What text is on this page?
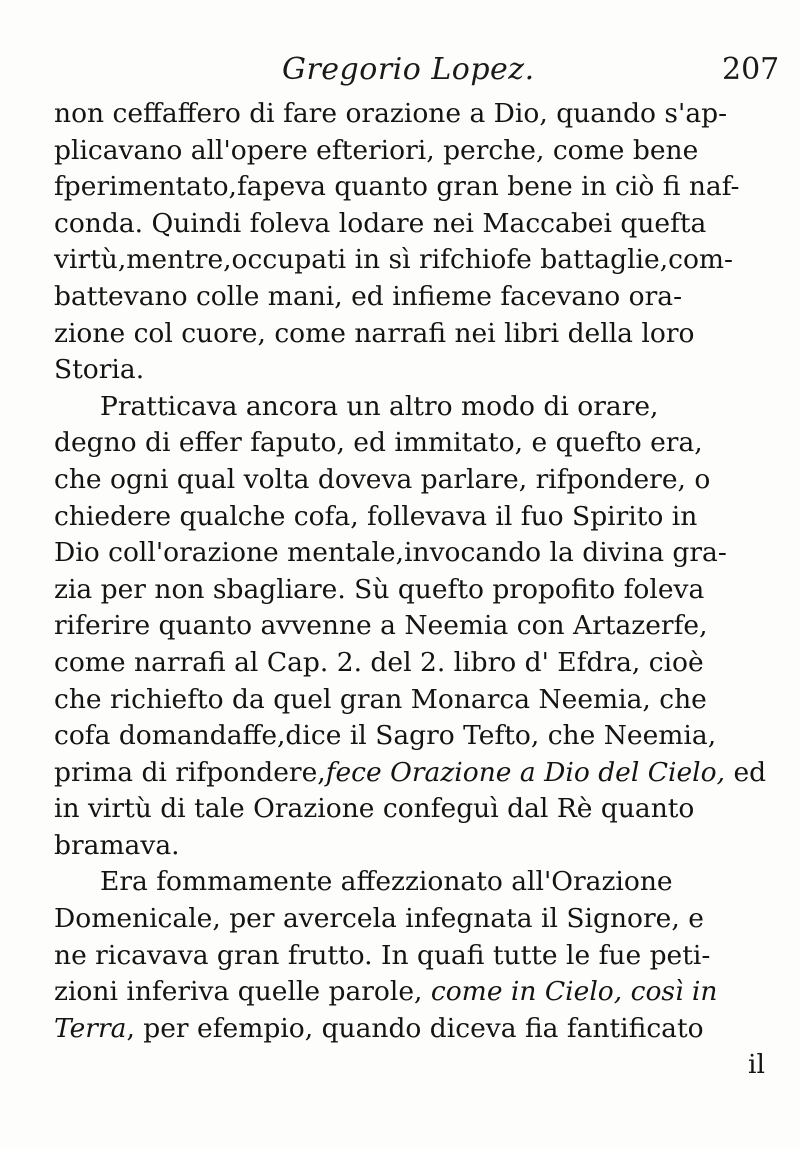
Gregorio Lopez.	207
non ceffaffero di fare orazione a Dio, quando s'ap-
plicavano all'opere efteriori, perche, come bene
fperimentato,fapeva quanto gran bene in ciò fi naf-
conda. Quindi foleva lodare nei Maccabei quefta
virtù,mentre,occupati in sì rifchiofe battaglie,com-
battevano colle mani, ed infieme facevano ora-
zione col cuore, come narrafi nei libri della loro
Storia.
Pratticava ancora un altro modo di orare,
degno di effer faputo, ed immitato, e quefto era,
che ogni qual volta doveva parlare, rifpondere, o
chiedere qualche cofa, follevava il fuo Spirito in
Dio coll'orazione mentale,invocando la divina gra-
zia per non sbagliare. Sù quefto propofito foleva
riferire quanto avvenne a Neemia con Artazerfe,
come narrafi al Cap. 2. del 2. libro d' Efdra, cioè
che richiefto da quel gran Monarca Neemia, che
cofa domandaffe,dice il Sagro Tefto, che Neemia,
prima di rifpondere,fece Orazione a Dio del Cielo, ed
in virtù di tale Orazione confeguì dal Rè quanto
bramava.
Era fommamente affezzionato all'Orazione
Domenicale, per avercela infegnata il Signore, e
ne ricavava gran frutto. In quafi tutte le fue peti-
zioni inferiva quelle parole, come in Cielo, così in
Terra, per efempio, quando diceva fia fantificato
il
